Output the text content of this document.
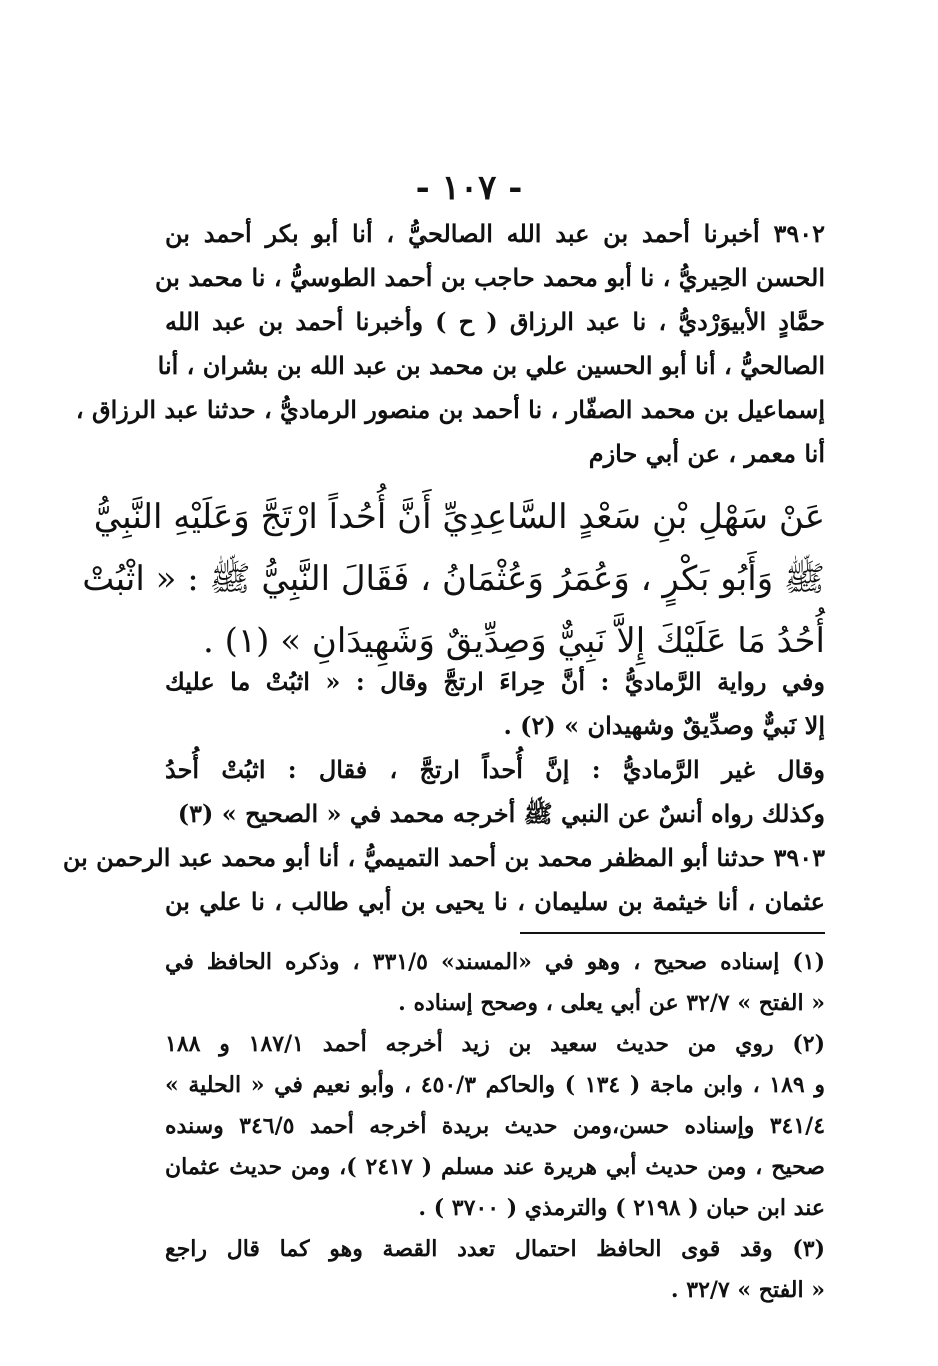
- ١٠٧ -
٣٩٠٢ أخبرنا أحمد بن عبد الله الصالحيُّ ، أنا أبو بكر أحمد بن
الحسن الحِيريُّ ، نا أبو محمد حاجب بن أحمد الطوسيُّ ، نا محمد بن
حمَّادٍ الأبيوَرْديُّ ، نا عبد الرزاق ( ح ) وأخبرنا أحمد بن عبد الله
الصالحيُّ ، أنا أبو الحسين علي بن محمد بن عبد الله بن بشران ، أنا
إسماعيل بن محمد الصفّار ، نا أحمد بن منصور الرماديُّ ، حدثنا عبد الرزاق ،
أنا معمر ، عن أبي حازم
عَنْ سَهْلِ بْنِ سَعْدٍ السَّاعِدِيِّ أَنَّ أُحُداً ارْتَجَّ وَعَلَيْهِ النَّبِيُّ
ﷺ وَأَبُو بَكْرٍ ، وَعُمَرُ وَعُثْمَانُ ، فَقَالَ النَّبِيُّ ﷺ : « اثْبُتْ
أُحُدُ مَا عَلَيْكَ إِلاَّ نَبِيٌّ وَصِدِّيقٌ وَشَهِيدَانِ » (١) .
وفي رواية الرَّماديُّ : أنَّ حِراءَ ارتجَّ وقال : « اثبُتْ ما عليك
إلا نَبيٌّ وصدِّيقٌ وشهيدان » (٢) .
وقال غير الرَّماديُّ : إنَّ أُحداً ارتجَّ ، فقال : اثبُتْ أُحدُ
وكذلك رواه أنسٌ عن النبي ﷺ أخرجه محمد في « الصحيح » (٣)
٣٩٠٣ حدثنا أبو المظفر محمد بن أحمد التميميُّ ، أنا أبو محمد عبد الرحمن بن
عثمان ، أنا خيثمة بن سليمان ، نا يحيى بن أبي طالب ، نا علي بن
(١) إسناده صحيح ، وهو في «المسند» ٣٣١/٥ ، وذكره الحافظ في
« الفتح » ٣٢/٧ عن أبي يعلى ، وصحح إسناده .
(٢) روي من حديث سعيد بن زيد أخرجه أحمد ١٨٧/١ و ١٨٨
و ١٨٩ ، وابن ماجة ( ١٣٤ ) والحاكم ٤٥٠/٣ ، وأبو نعيم في « الحلية »
٣٤١/٤ وإسناده حسن،ومن حديث بريدة أخرجه أحمد ٣٤٦/٥ وسنده
صحيح ، ومن حديث أبي هريرة عند مسلم ( ٢٤١٧ )، ومن حديث عثمان
عند ابن حبان ( ٢١٩٨ ) والترمذي ( ٣٧٠٠ ) .
(٣) وقد قوى الحافظ احتمال تعدد القصة وهو كما قال راجع
« الفتح » ٣٢/٧ .
